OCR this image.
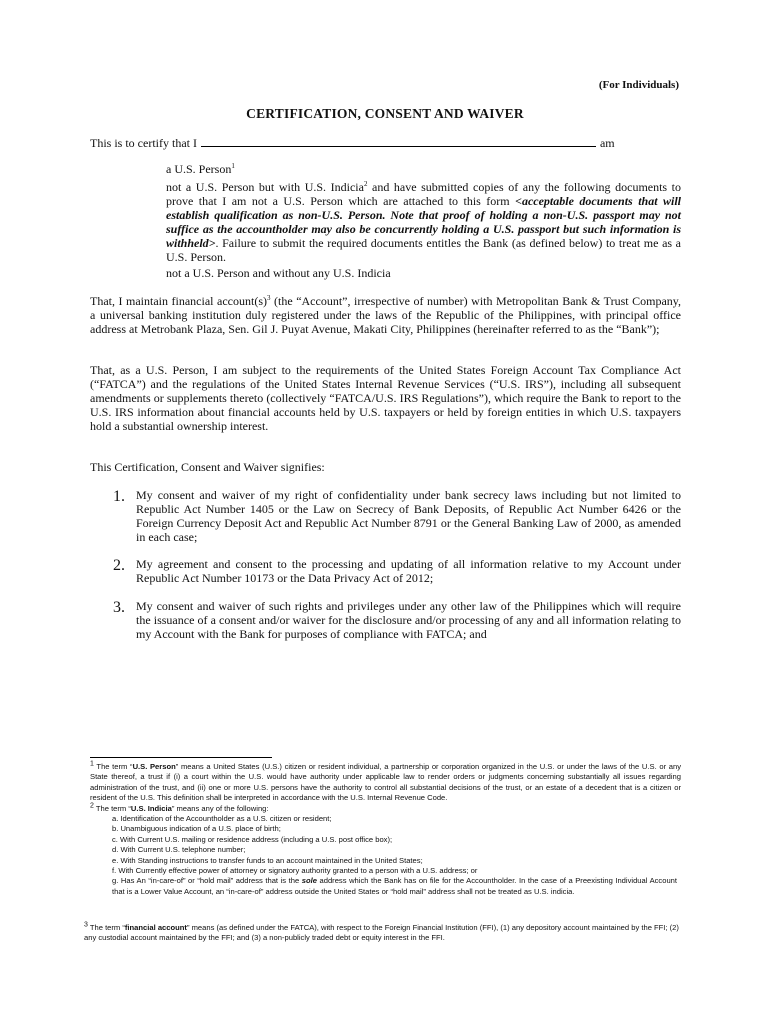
(For Individuals)
CERTIFICATION, CONSENT AND WAIVER
This is to certify that I	am
a U.S. Person$^1$
not a U.S. Person but with U.S. Indicia$^2$ and have submitted copies of any the following documents to prove that I am not a U.S. Person which are attached to this form <acceptable documents that will establish qualification as non-U.S. Person. Note that proof of holding a non-U.S. passport may not suffice as the accountholder may also be concurrently holding a U.S. passport but such information is withheld>. Failure to submit the required documents entitles the Bank (as defined below) to treat me as a U.S. Person.
not a U.S. Person and without any U.S. Indicia
That, I maintain financial $account(s)^3$ (the “Account”, irrespective of number) with Metropolitan Bank & Trust Company, a universal banking institution duly registered under the laws of the Republic of the Philippines, with principal office address at Metrobank Plaza, Sen. Gil J. Puyat Avenue, Makati City, Philippines (hereinafter referred to as the “Bank”);
That, as a U.S. Person, I am subject to the requirements of the United States Foreign Account Tax Compliance Act (“FATCA”) and the regulations of the United States Internal Revenue Services (“U.S. IRS”), including all subsequent amendments or supplements thereto (collectively “FATCA/U.S. IRS Regulations”), which require the Bank to report to the U.S. IRS information about financial accounts held by U.S. taxpayers or held by foreign entities in which U.S. taxpayers hold a substantial ownership interest.
This Certification, Consent and Waiver signifies:
1. My consent and waiver of my right of confidentiality under bank secrecy laws including but not limited to Republic Act Number 1405 or the Law on Secrecy of Bank Deposits, of Republic Act Number 6426 or the Foreign Currency Deposit Act and Republic Act Number 8791 or the General Banking Law of 2000, as amended in each case;
2. My agreement and consent to the processing and updating of all information relative to my Account under Republic Act Number 10173 or the Data Privacy Act of 2012;
3. My consent and waiver of such rights and privileges under any other law of the Philippines which will require the issuance of a consent and/or waiver for the disclosure and/or processing of any and all information relating to my Account with the Bank for purposes of compliance with FATCA; and
$^1$ The term “U.S. Person” means a United States (U.S.) citizen or resident individual, a partnership or corporation organized in the U.S. or under the laws of the U.S. or any State thereof, a trust if (i) a court within the U.S. would have authority under applicable law to render orders or judgments concerning substantially all issues regarding administration of the trust, and (ii) one or more U.S. persons have the authority to control all substantial decisions of the trust, or an estate of a decedent that is a citizen or resident of the U.S. This definition shall be interpreted in accordance with the U.S. Internal Revenue Code.
$^2$ The term “U.S. Indicia” means any of the following:
a. Identification of the Accountholder as a U.S. citizen or resident;
b. Unambiguous indication of a U.S. place of birth;
c. With Current U.S. mailing or residence address (including a U.S. post office box);
d. With Current U.S. telephone number;
e. With Standing instructions to transfer funds to an account maintained in the United States;
f. With Currently effective power of attorney or signatory authority granted to a person with a U.S. address; or
g. Has An “in-care-of” or “hold mail” address that is the sole address which the Bank has on file for the Accountholder. In the case of a Preexisting Individual Account that is a Lower Value Account, an “in-care-of” address outside the United States or “hold mail” address shall not be treated as U.S. indicia.
$^3$ The term “financial account” means (as defined under the FATCA), with respect to the Foreign Financial Institution (FFI), (1) any depository account maintained by the FFI; (2) any custodial account maintained by the FFI; and (3) a non-publicly traded debt or equity interest in the FFI.
